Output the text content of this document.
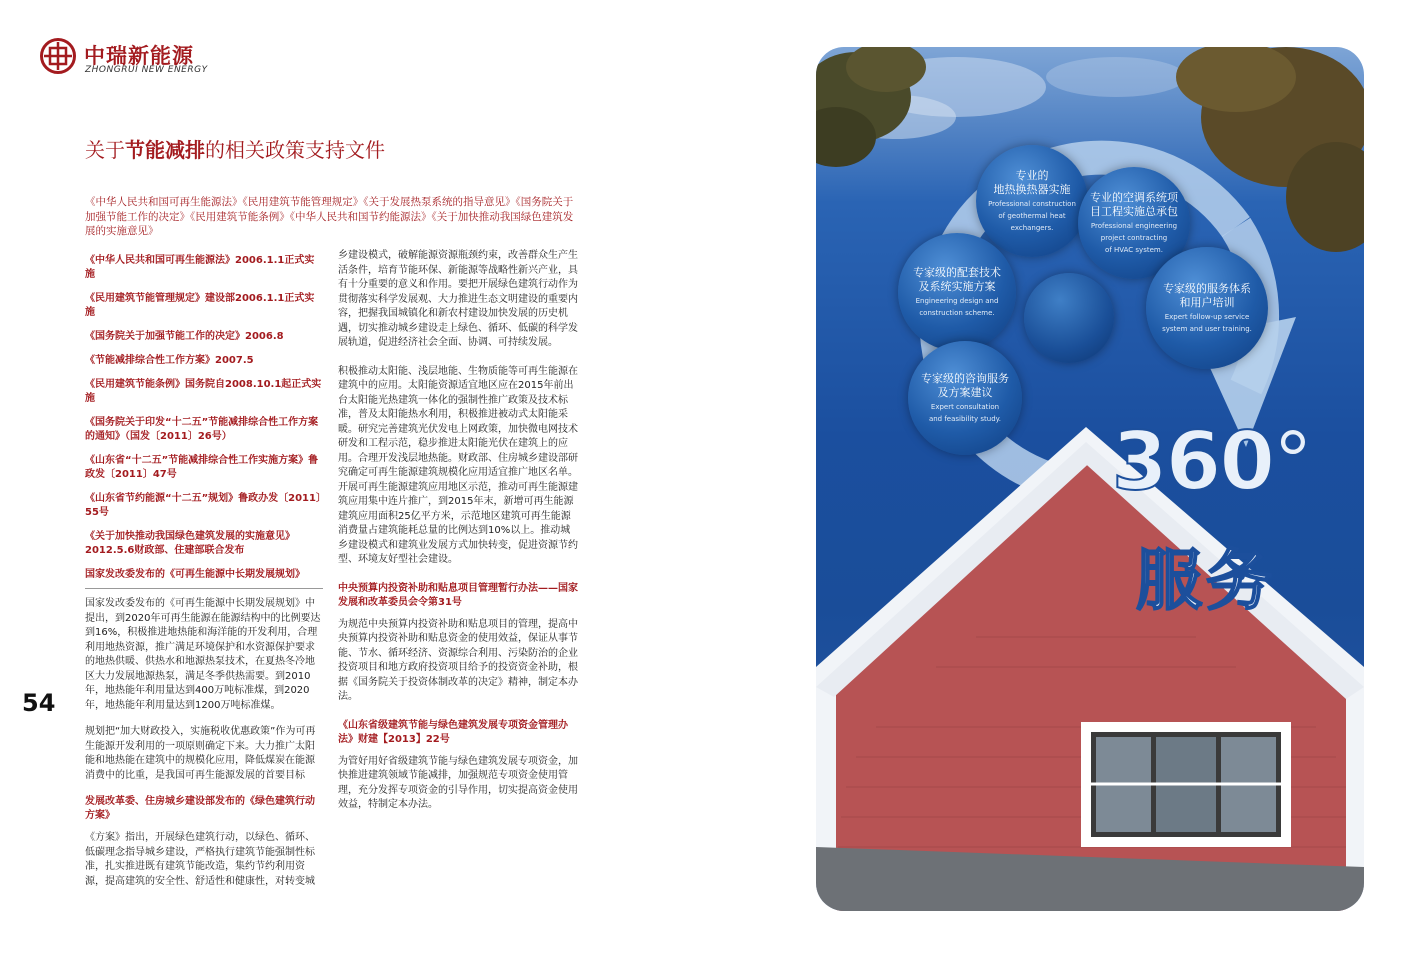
中瑞新能源
ZHONGRUI NEW ENERGY
关于节能减排的相关政策支持文件
《中华人民共和国可再生能源法》《民用建筑节能管理规定》《关于发展热泵系统的指导意见》《国务院关于加强节能工作的决定》《民用建筑节能条例》《中华人民共和国节约能源法》《关于加快推动我国绿色建筑发展的实施意见》
《中华人民共和国可再生能源法》2006.1.1正式实施
《民用建筑节能管理规定》建设部2006.1.1正式实施
《国务院关于加强节能工作的决定》2006.8
《节能减排综合性工作方案》2007.5
《民用建筑节能条例》国务院自2008.10.1起正式实施
《国务院关于印发“十二五”节能减排综合性工作方案的通知》（国发〔2011〕26号）
《山东省“十二五”节能减排综合性工作实施方案》鲁政发〔2011〕47号
《山东省节约能源“十二五”规划》鲁政办发〔2011〕55号
《关于加快推动我国绿色建筑发展的实施意见》2012.5.6财政部、住建部联合发布
国家发改委发布的《可再生能源中长期发展规划》
国家发改委发布的《可再生能源中长期发展规划》中提出，到2020年可再生能源在能源结构中的比例要达到16%，积极推进地热能和海洋能的开发利用，合理利用地热资源，推广满足环境保护和水资源保护要求的地热供暖、供热水和地源热泵技术，在夏热冬冷地区大力发展地源热泵，满足冬季供热需要。到2010年，地热能年利用量达到400万吨标准煤，到2020年，地热能年利用量达到1200万吨标准煤。
规划把“加大财政投入，实施税收优惠政策”作为可再生能源开发利用的一项原则确定下来。大力推广太阳能和地热能在建筑中的规模化应用，降低煤炭在能源消费中的比重，是我国可再生能源发展的首要目标
发展改革委、住房城乡建设部发布的《绿色建筑行动方案》
《方案》指出，开展绿色建筑行动，以绿色、循环、低碳理念指导城乡建设，严格执行建筑节能强制性标准，扎实推进既有建筑节能改造，集约节约利用资源，提高建筑的安全性、舒适性和健康性，对转变城
乡建设模式，破解能源资源瓶颈约束，改善群众生产生活条件，培育节能环保、新能源等战略性新兴产业，具有十分重要的意义和作用。要把开展绿色建筑行动作为贯彻落实科学发展观、大力推进生态文明建设的重要内容，把握我国城镇化和新农村建设加快发展的历史机遇，切实推动城乡建设走上绿色、循环、低碳的科学发展轨道，促进经济社会全面、协调、可持续发展。
积极推动太阳能、浅层地能、生物质能等可再生能源在建筑中的应用。太阳能资源适宜地区应在2015年前出台太阳能光热建筑一体化的强制性推广政策及技术标准，普及太阳能热水利用，积极推进被动式太阳能采暖。研究完善建筑光伏发电上网政策，加快微电网技术研发和工程示范，稳步推进太阳能光伏在建筑上的应用。合理开发浅层地热能。财政部、住房城乡建设部研究确定可再生能源建筑规模化应用适宜推广地区名单。开展可再生能源建筑应用地区示范，推动可再生能源建筑应用集中连片推广，到2015年末，新增可再生能源建筑应用面积25亿平方米，示范地区建筑可再生能源消费量占建筑能耗总量的比例达到10%以上。推动城乡建设模式和建筑业发展方式加快转变，促进资源节约型、环境友好型社会建设。
中央预算内投资补助和贴息项目管理暂行办法——国家发展和改革委员会令第31号
为规范中央预算内投资补助和贴息项目的管理，提高中央预算内投资补助和贴息资金的使用效益，保证从事节能、节水、循环经济、资源综合利用、污染防治的企业投资项目和地方政府投资项目给予的投资资金补助，根据《国务院关于投资体制改革的决定》精神，制定本办法。
《山东省级建筑节能与绿色建筑发展专项资金管理办法》财建【2013】22号
为管好用好省级建筑节能与绿色建筑发展专项资金，加快推进建筑领域节能减排，加强规范专项资金使用管理，充分发挥专项资金的引导作用，切实提高资金使用效益，特制定本办法。
54
专业的
地热换热器实施
Professional construction
of geothermal heat
exchangers.
专业的空调系统项
目工程实施总承包
Professional engineering
project contracting
of HVAC system.
专家级的配套技术
及系统实施方案
Engineering design and
construction scheme.
专家级的服务体系
和用户培训
Expert follow-up service
system and user training.
专家级的咨询服务
及方案建议
Expert consultation
and feasibility study. 360°
服务
